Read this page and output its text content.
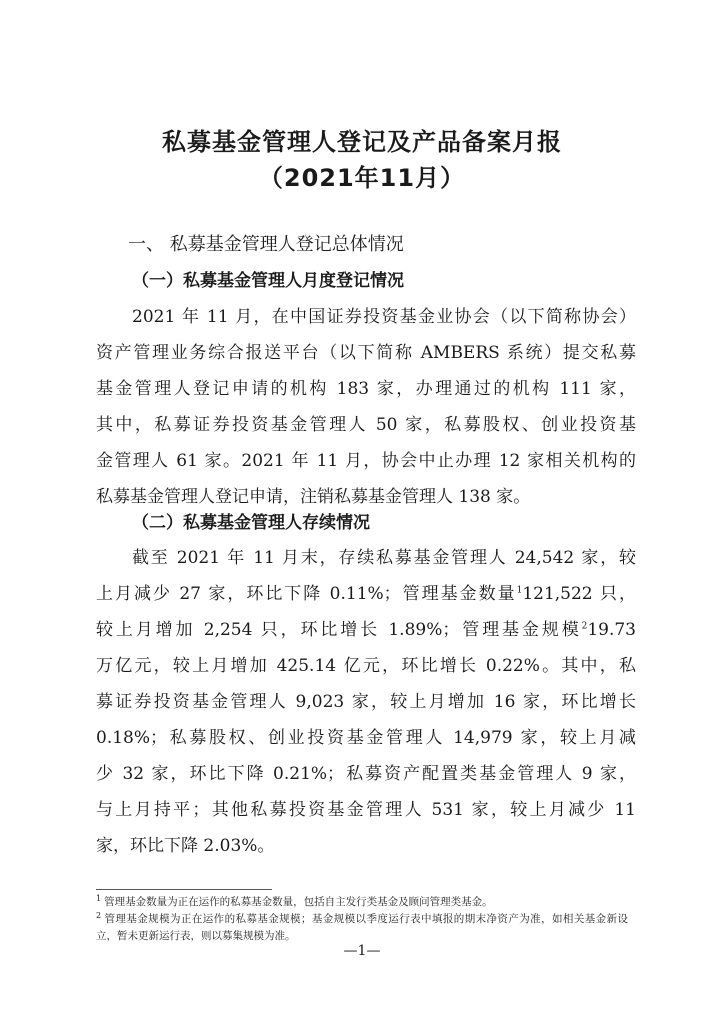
私募基金管理人登记及产品备案月报
（2021年11月）
一、 私募基金管理人登记总体情况
（一）私募基金管理人月度登记情况
2021 年 11 月，在中国证券投资基金业协会（以下简称协会）
资产管理业务综合报送平台（以下简称 AMBERS 系统）提交私募
基金管理人登记申请的机构 183 家，办理通过的机构 111 家，
其中，私募证券投资基金管理人 50 家，私募股权、创业投资基
金管理人 61 家。2021 年 11 月，协会中止办理 12 家相关机构的
私募基金管理人登记申请，注销私募基金管理人 138 家。
（二）私募基金管理人存续情况
截至 2021 年 11 月末，存续私募基金管理人 24,542 家，较
上月减少 27 家，环比下降 0.11%；管理基金数量$^1$121,522 只，
较上月增加 2,254 只，环比增长 1.89%；管理基金规模$^2$19.73
万亿元，较上月增加 425.14 亿元，环比增长 0.22%。其中，私
募证券投资基金管理人 9,023 家，较上月增加 16 家，环比增长
0.18%；私募股权、创业投资基金管理人 14,979 家，较上月减
少 32 家，环比下降 0.21%；私募资产配置类基金管理人 9 家，
与上月持平；其他私募投资基金管理人 531 家，较上月减少 11
家，环比下降 2.03%。
$^1$ 管理基金数量为正在运作的私募基金数量，包括自主发行类基金及顾问管理类基金。
$^2$ 管理基金规模为正在运作的私募基金规模；基金规模以季度运行表中填报的期末净资产为准，如相关基金新设
立，暂未更新运行表，则以募集规模为准。
—1—
